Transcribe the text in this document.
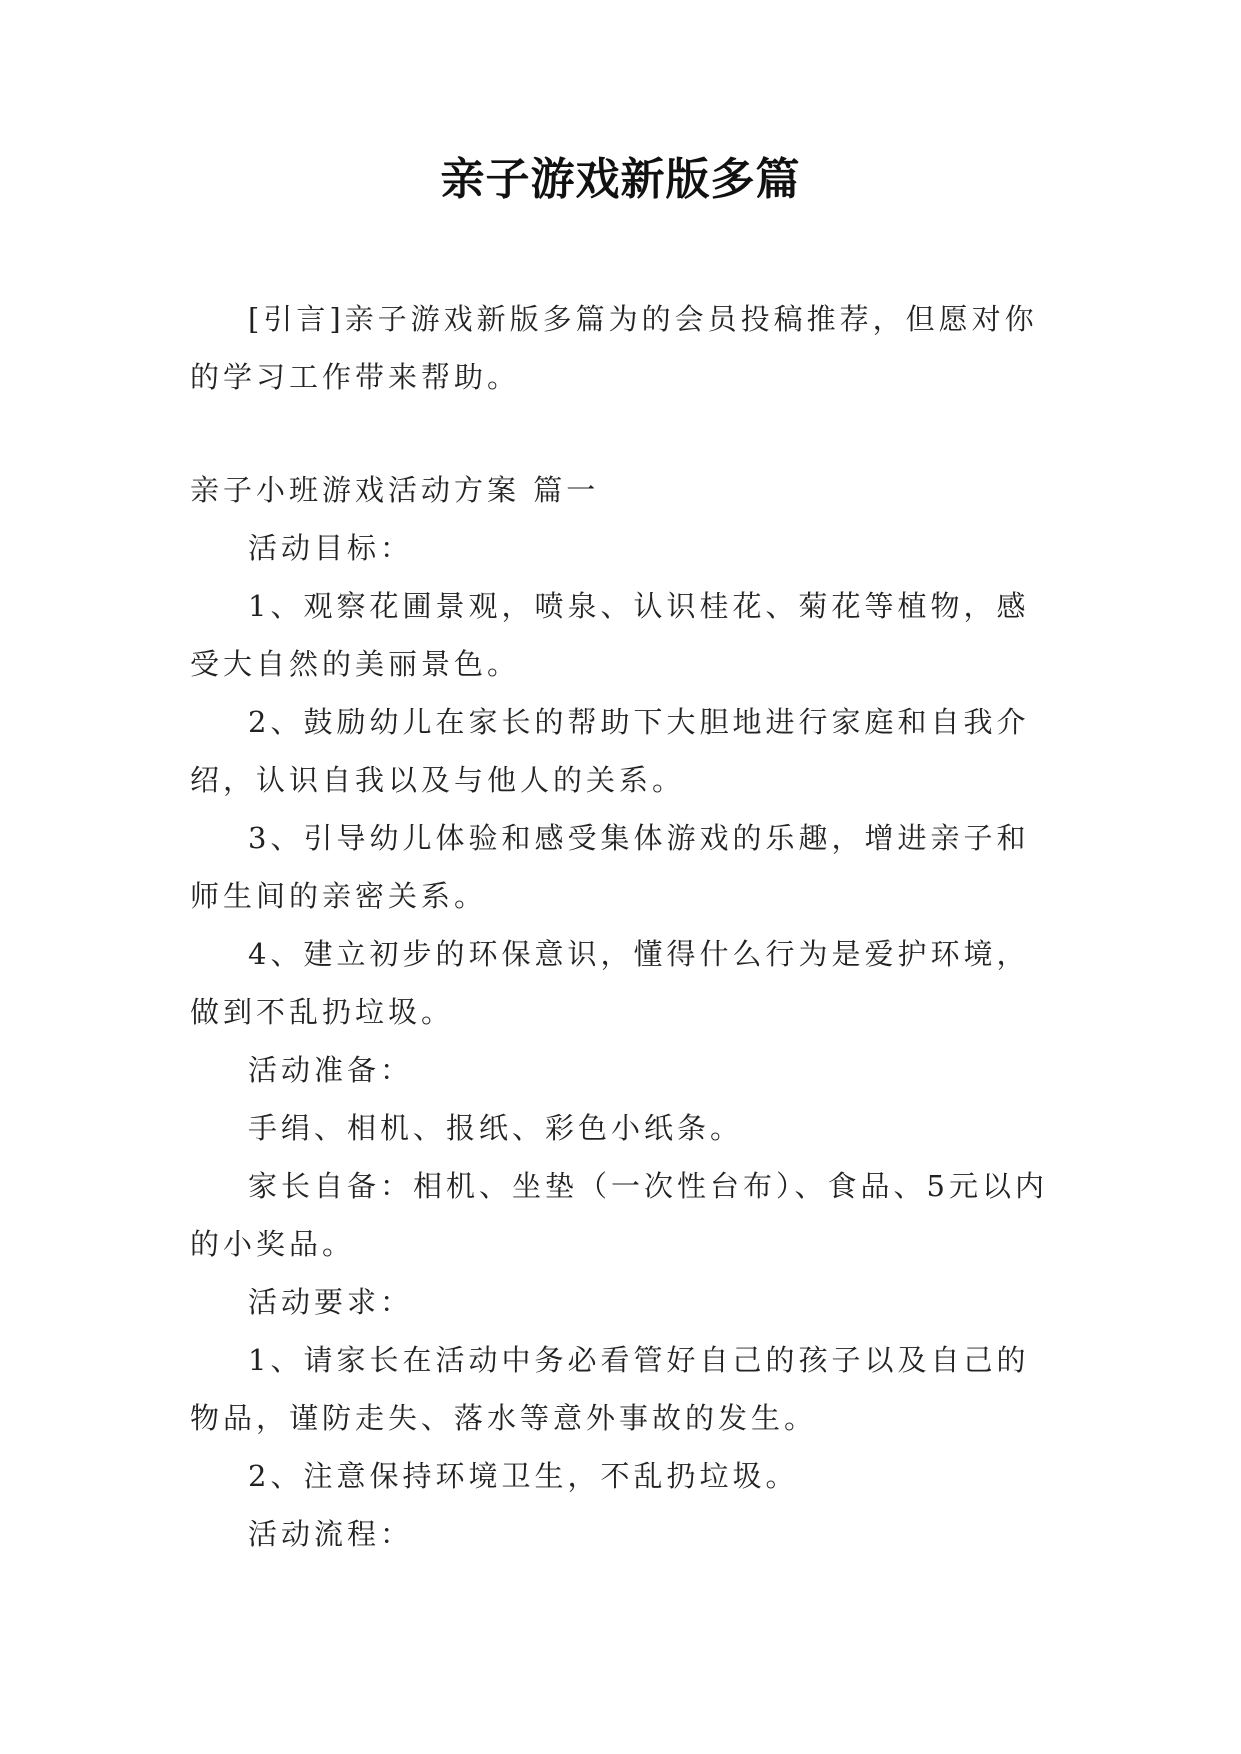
亲子游戏新版多篇

[引言]亲子游戏新版多篇为的会员投稿推荐，但愿对你的学习工作带来帮助。

亲子小班游戏活动方案 篇一

活动目标：

1、观察花圃景观，喷泉、认识桂花、菊花等植物，感受大自然的美丽景色。

2、鼓励幼儿在家长的帮助下大胆地进行家庭和自我介绍，认识自我以及与他人的关系。

3、引导幼儿体验和感受集体游戏的乐趣，增进亲子和师生间的亲密关系。

4、建立初步的环保意识，懂得什么行为是爱护环境，做到不乱扔垃圾。

活动准备：

手绢、相机、报纸、彩色小纸条。

家长自备：相机、坐垫（一次性台布）、食品、5元以内的小奖品。

活动要求：

1、请家长在活动中务必看管好自己的孩子以及自己的物品，谨防走失、落水等意外事故的发生。

2、注意保持环境卫生，不乱扔垃圾。

活动流程：
